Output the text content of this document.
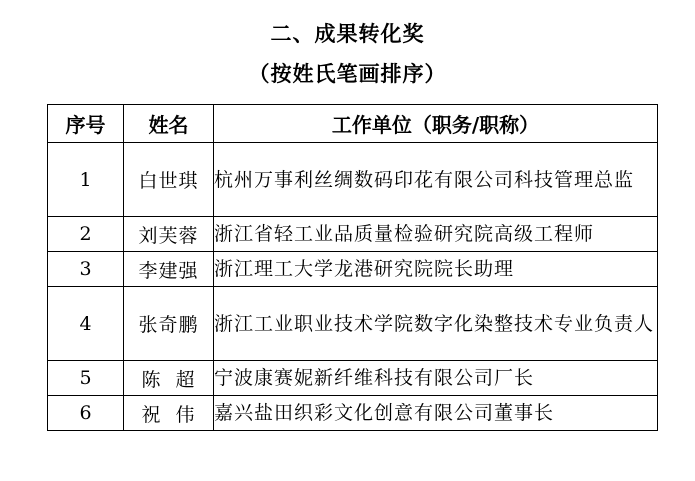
二、成果转化奖
（按姓氏笔画排序）
序号	姓名	工作单位（职务/职称）
1	白世琪	杭州万事利丝绸数码印花有限公司科技管理总监
2	刘芙蓉	浙江省轻工业品质量检验研究院高级工程师
3	李建强	浙江理工大学龙港研究院院长助理
4	张奇鹏	浙江工业职业技术学院数字化染整技术专业负责人
5	陈  超	宁波康赛妮新纤维科技有限公司厂长
6	祝  伟	嘉兴盐田织彩文化创意有限公司董事长
